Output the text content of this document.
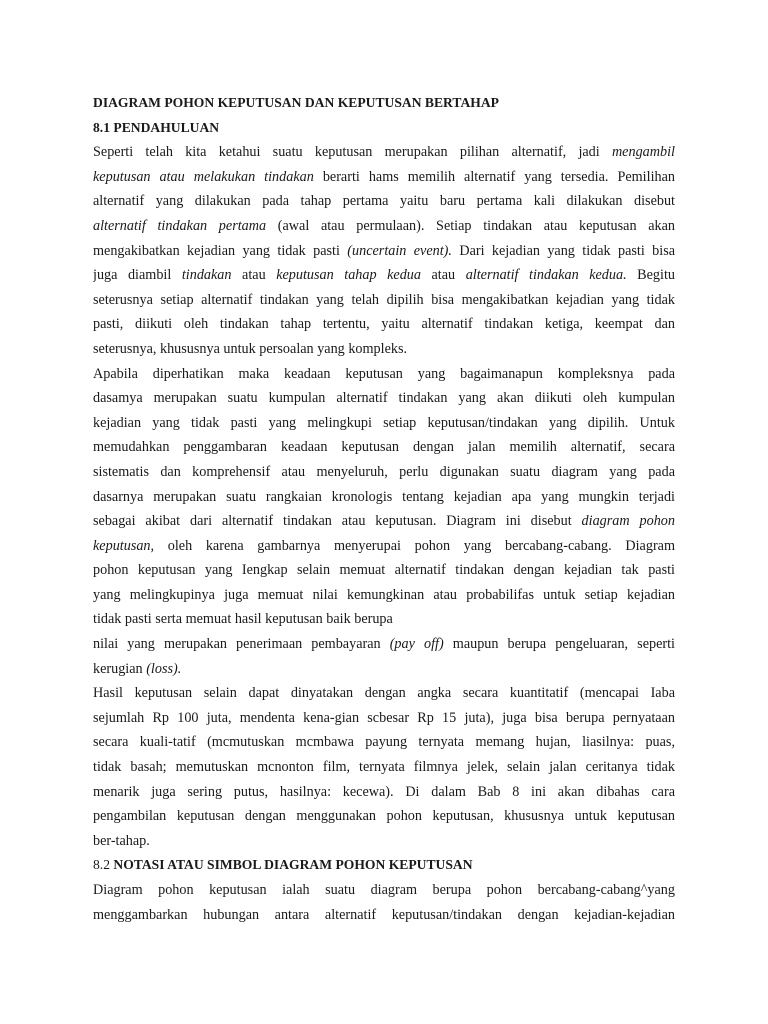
DIAGRAM POHON KEPUTUSAN DAN KEPUTUSAN BERTAHAP
8.1 PENDAHULUAN
Seperti telah kita ketahui suatu keputusan merupakan pilihan alternatif, jadi mengambil
keputusan atau melakukan tindakan berarti hams memilih alternatif yang tersedia. Pemilihan
alternatif yang dilakukan pada tahap pertama yaitu baru pertama kali dilakukan disebut
alternatif tindakan pertama (awal atau permulaan). Setiap tindakan atau keputusan akan
mengakibatkan kejadian yang tidak pasti (uncertain event). Dari kejadian yang tidak pasti bisa
juga diambil tindakan atau keputusan tahap kedua atau alternatif tindakan kedua. Begitu
seterusnya setiap alternatif tindakan yang telah dipilih bisa mengakibatkan kejadian yang tidak
pasti, diikuti oleh tindakan tahap tertentu, yaitu alternatif tindakan ketiga, keempat dan
seterusnya, khususnya untuk persoalan yang kompleks.
Apabila diperhatikan maka keadaan keputusan yang bagaimanapun kompleksnya pada
dasamya merupakan suatu kumpulan alternatif tindakan yang akan diikuti oleh kumpulan
kejadian yang tidak pasti yang melingkupi setiap keputusan/tindakan yang dipilih. Untuk
memudahkan penggambaran keadaan keputusan dengan jalan memilih alternatif, secara
sistematis dan komprehensif atau menyeluruh, perlu digunakan suatu diagram yang pada
dasarnya merupakan suatu rangkaian kronologis tentang kejadian apa yang mungkin terjadi
sebagai akibat dari alternatif tindakan atau keputusan. Diagram ini disebut diagram pohon
keputusan, oleh karena gambarnya menyerupai pohon yang bercabang-cabang. Diagram
pohon keputusan yang Iengkap selain memuat alternatif tindakan dengan kejadian tak pasti
yang melingkupinya juga memuat nilai kemungkinan atau probabilifas untuk setiap kejadian
tidak pasti serta memuat hasil keputusan baik berupa
nilai yang merupakan penerimaan pembayaran (pay off) maupun berupa pengeluaran, seperti
kerugian (loss).
Hasil keputusan selain dapat dinyatakan dengan angka secara kuantitatif (mencapai Iaba
sejumlah Rp 100 juta, mendenta kena-gian scbesar Rp 15 juta), juga bisa berupa pernyataan
secara kuali-tatif (mcmutuskan mcmbawa payung ternyata memang hujan, liasilnya: puas,
tidak basah; memutuskan mcnonton film, ternyata filmnya jelek, selain jalan ceritanya tidak
menarik juga sering putus, hasilnya: kecewa). Di dalam Bab 8 ini akan dibahas cara
pengambilan keputusan dengan menggunakan pohon keputusan, khususnya untuk keputusan
ber-tahap.
8.2 NOTASI ATAU SIMBOL DIAGRAM POHON KEPUTUSAN
Diagram pohon keputusan ialah suatu diagram berupa pohon bercabang-cabang^yang
menggambarkan hubungan antara alternatif keputusan/tindakan dengan kejadian-kejadian
